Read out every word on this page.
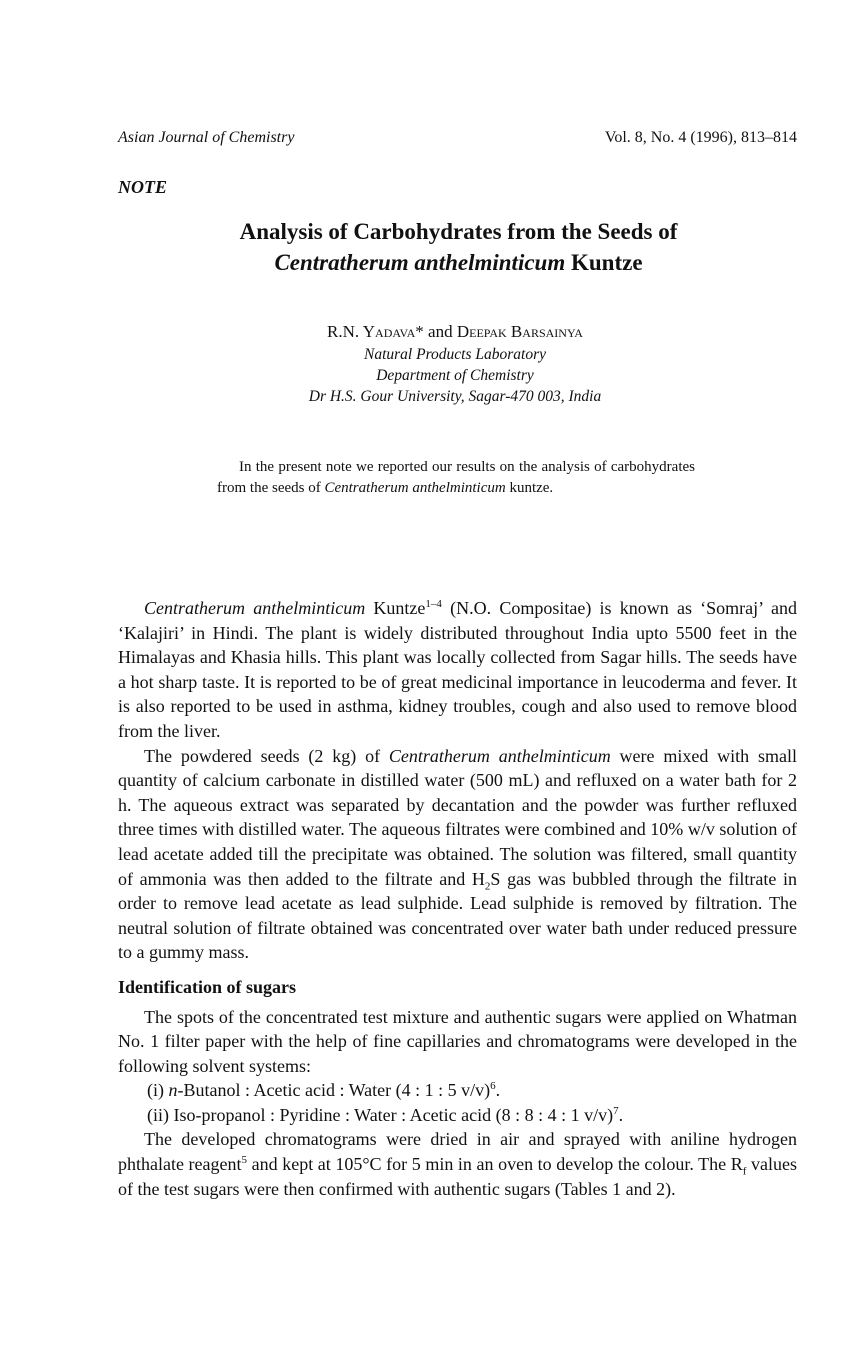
Asian Journal of Chemistry	Vol. 8, No. 4 (1996), 813–814
NOTE
Analysis of Carbohydrates from the Seeds of
Centratherum anthelminticum Kuntze
R.N. Yadava* and Deepak Barsainya
Natural Products Laboratory
Department of Chemistry
Dr H.S. Gour University, Sagar-470 003, India

In the present note we reported our results on the analysis of carbohydrates from the seeds of Centratherum anthelminticum kuntze.

Centratherum anthelminticum Kuntze$^{1-4}$ (N.O. Compositae) is known as ‘Somraj’ and ‘Kalajiri’ in Hindi. The plant is widely distributed throughout India upto 5500 feet in the Himalayas and Khasia hills. This plant was locally collected from Sagar hills. The seeds have a hot sharp taste. It is reported to be of great medicinal importance in leucoderma and fever. It is also reported to be used in asthma, kidney troubles, cough and also used to remove blood from the liver.

The powdered seeds (2 kg) of Centratherum anthelminticum were mixed with small quantity of calcium carbonate in distilled water (500 mL) and refluxed on a water bath for 2 h. The aqueous extract was separated by decantation and the powder was further refluxed three times with distilled water. The aqueous filtrates were combined and 10% w/v solution of lead acetate added till the precipitate was obtained. The solution was filtered, small quantity of ammonia was then added to the filtrate and $H_2S$ gas was bubbled through the filtrate in order to remove lead acetate as lead sulphide. Lead sulphide is removed by filtration. The neutral solution of filtrate obtained was concentrated over water bath under reduced pressure to a gummy mass.

Identification of sugars

The spots of the concentrated test mixture and authentic sugars were applied on Whatman No. 1 filter paper with the help of fine capillaries and chromatograms were developed in the following solvent systems:

(i) n-Butanol : Acetic acid : Water (4 : 1 : 5 v/v)$^6$.

(ii) Iso-propanol : Pyridine : Water : Acetic acid (8 : 8 : 4 : 1 v/v)$^7$.

The developed chromatograms were dried in air and sprayed with aniline hydrogen phthalate reagent$^5$ and kept at 105°C for 5 min in an oven to develop the colour. The $R_f$ values of the test sugars were then confirmed with authentic sugars (Tables 1 and 2).
